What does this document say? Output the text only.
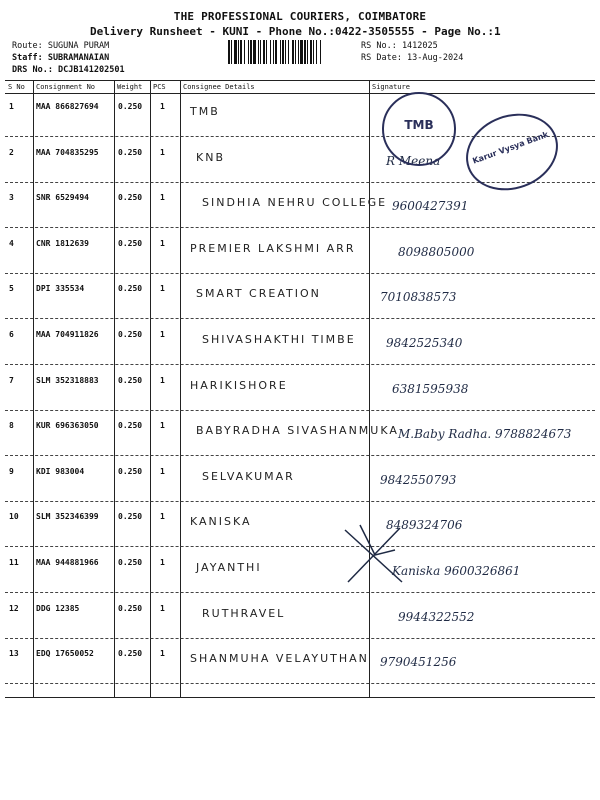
THE PROFESSIONAL COURIERS, COIMBATORE
Delivery Runsheet - KUNI - Phone No.:0422-3505555 - Page No.:1
Route: SUGUNA PURAM
Staff: SUBRAMANAIAN
DRS No.: DCJB141202501
RS No.: 1412025
RS Date: 13-Aug-2024
S No Consignment No	Weight PCS Consignee Details	Signature
1	MAA 866827694 0.250 1 TMB
2	MAA 704835295 0.250 1	KNB	R Meena
3	SNR 6529494	0.250 1	SINDHIA NEHRU COLLEGE 9600427391
4	CNR 1812639	0.250 1 PREMIER LAKSHMI ARR	8098805000
5	DPI 335534	0.250 1	SMART CREATION	7010838573
6	MAA 704911826 0.250 1	SHIVASHAKTHI TIMBE	9842525340
7	SLM 352318883 0.250 1 HARIKISHORE	6381595938
8	KUR 696363050 0.250 1	BABYRADHA SIVASHANMUKA M.Baby Radha. 9788824673
9	KDI 983004	0.250 1	SELVAKUMAR	9842550793
10 SLM 352346399 0.250 1 KANISKA	8489324706
11 MAA 944881966 0.250 1	JAYANTHI	Kaniska 9600326861
12 DDG 12385	0.250 1	RUTHRAVEL	9944322552
13 EDQ 17650052	0.250 1 SHANMUHA VELAYUTHAN 9790451256
TMB
Karur Vysya Bank
